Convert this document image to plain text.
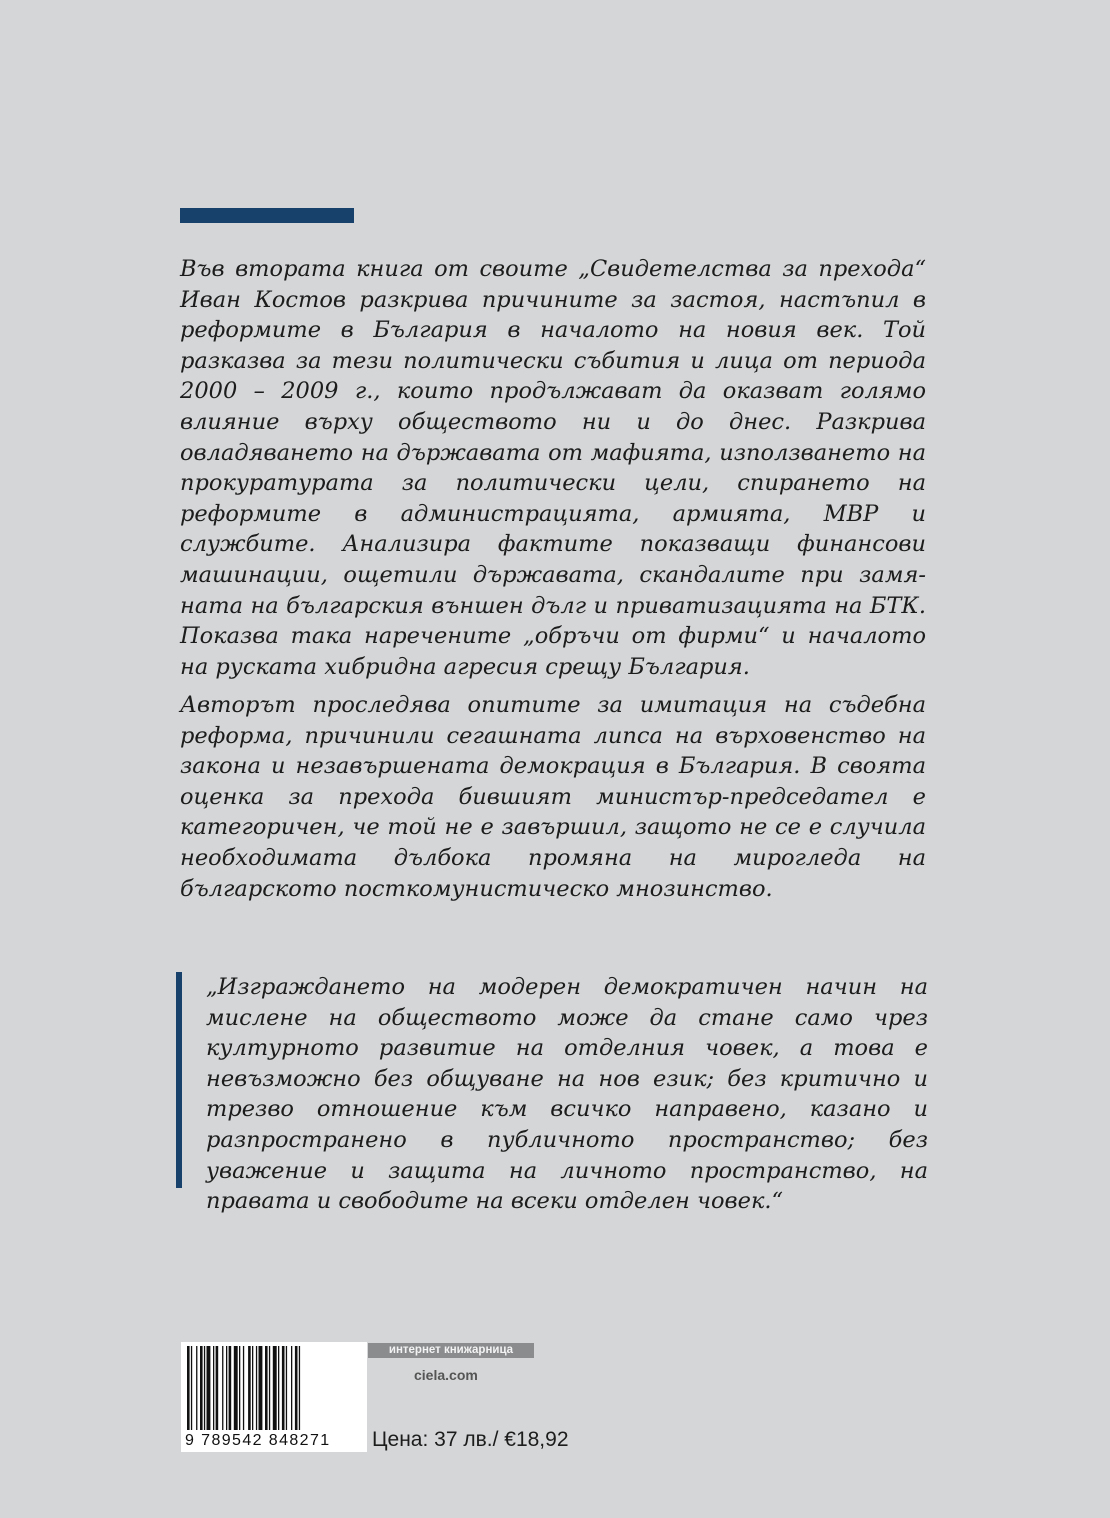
Във втората книга от своите „Свидетелства за прехода“ Иван Костов разкрива причините за застоя, настъпил в реформите в България в началото на новия век. Той разказва за тези политически събития и лица от периода 2000 – 2009 г., които продължават да оказват голямо влияние върху обществото ни и до днес. Разкрива овладяването на държавата от мафията, използването на прокуратурата за политически цели, спирането на реформите в администрацията, армията, МВР и службите. Анализира фактите показващи финансови машинации, ощетили държавата, скандалите при замяната на българския външен дълг и приватизацията на БТК. Показва така наречените „обръчи от фирми“ и началото на руската хибридна агресия срещу България.

Авторът проследява опитите за имитация на съдебна реформа, причинили сегашната липса на върховенство на закона и незавършената демокрация в България. В своята оценка за прехода бившият министър-председател е категоричен, че той не е завършил, защото не се е случила необходимата дълбока промяна на мирогледа на българското посткомунистическо мнозинство.

„Изграждането на модерен демократичен начин на мислене на обществото може да стане само чрез културното развитие на отделния човек, а това е невъзможно без общуване на нов език; без критично и трезво отношение към всичко направено, казано и разпространено в публичното пространство; без уважение и защита на личното пространство, на правата и свободите на всеки отделен човек.“

9 789542 848271
интернет книжарница
ciela.com
Цена: 37 лв./ €18,92
